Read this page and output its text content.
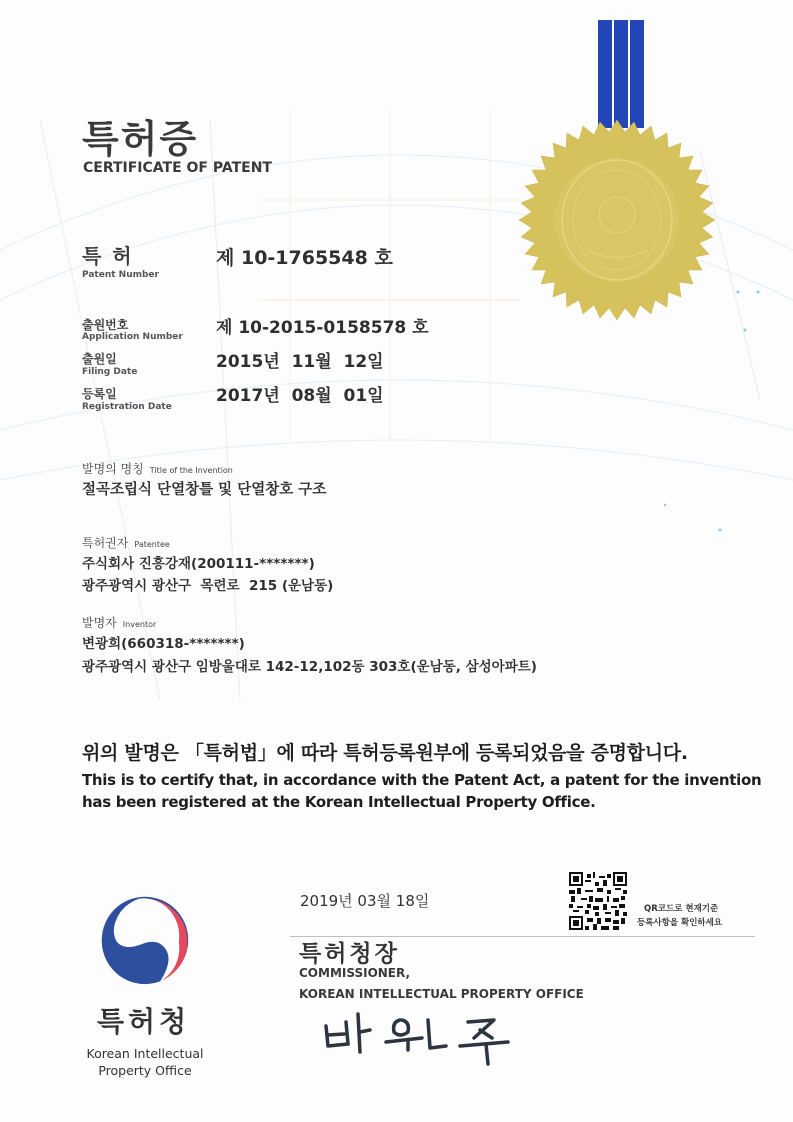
특허증
CERTIFICATE OF PATENT
특 허
Patent Number
제 10-1765548 호
출원번호
Application Number 제 10-2015-0158578 호
출원일
Filing Date	2015년  11월  12일
등록일
Registration Date
2017년  08월  01일
발명의 명칭 Title of the Invention
절곡조립식 단열창틀 및 단열창호 구조
특허권자 Patentee
주식회사 진흥강재(200111-*******)
광주광역시 광산구  목련로  215 (운남동)
발명자 Inventor
변광희(660318-*******)
광주광역시 광산구 임방울대로 142-12,102동 303호(운남동, 삼성아파트)
위의 발명은 「특허법」에 따라 특허등록원부에 등록되었음을 증명합니다.
This is to certify that, in accordance with the Patent Act, a patent for the invention
has been registered at the Korean Intellectual Property Office.
2019년 03월 18일	QR코드로 현재기준
등록사항을 확인하세요
특허청장
COMMISSIONER,
KOREAN INTELLECTUAL PROPERTY OFFICE
특허청
Korean Intellectual
Property Office
